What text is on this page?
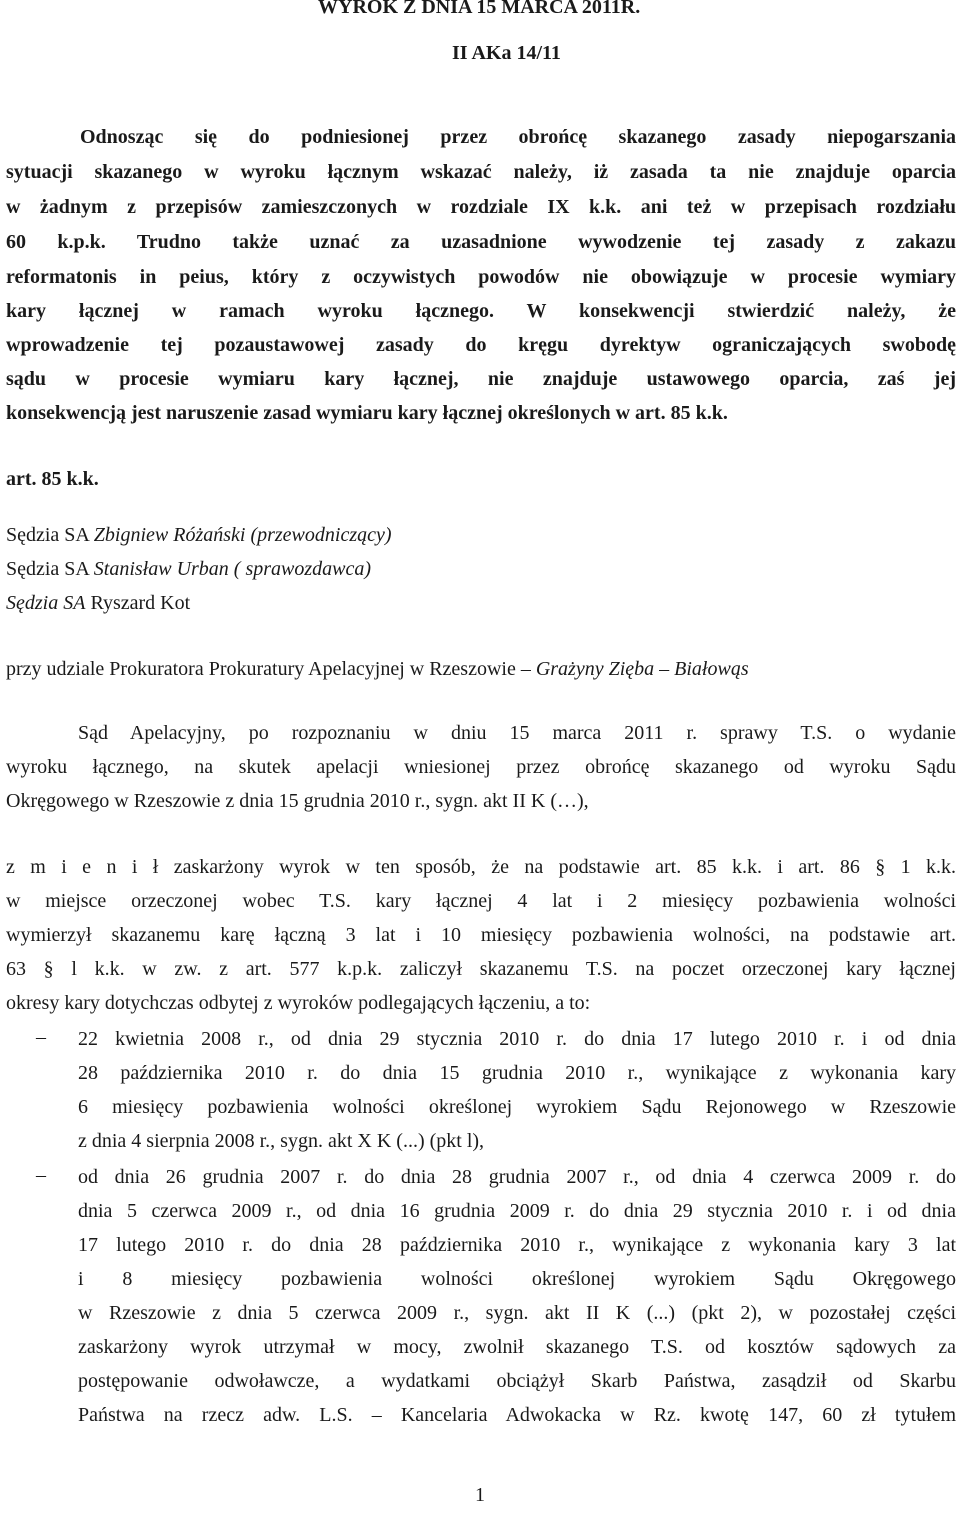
WYROK Z DNIA 15 MARCA 2011R.
II AKa 14/11
Odnosząc się do podniesionej przez obrońcę skazanego zasady niepogarszania
sytuacji skazanego w wyroku łącznym wskazać należy, iż zasada ta nie znajduje oparcia
w żadnym z przepisów zamieszczonych w rozdziale IX k.k. ani też w przepisach rozdziału
60 k.p.k. Trudno także uznać za uzasadnione wywodzenie tej zasady z zakazu
reformatonis in peius, który z oczywistych powodów nie obowiązuje w procesie wymiary
kary łącznej w ramach wyroku łącznego. W konsekwencji stwierdzić należy, że
wprowadzenie tej pozaustawowej zasady do kręgu dyrektyw ograniczających swobodę
sądu w procesie wymiaru kary łącznej, nie znajduje ustawowego oparcia, zaś jej
konsekwencją jest naruszenie zasad wymiaru kary łącznej określonych w art. 85 k.k.
art. 85 k.k.
Sędzia SA Zbigniew Różański (przewodniczący)
Sędzia SA Stanisław Urban ( sprawozdawca)
Sędzia SA Ryszard Kot
przy udziale Prokuratora Prokuratury Apelacyjnej w Rzeszowie – Grażyny Zięba – Białowąs
Sąd Apelacyjny, po rozpoznaniu w dniu 15 marca 2011 r. sprawy T.S. o wydanie
wyroku łącznego, na skutek apelacji wniesionej przez obrońcę skazanego od wyroku Sądu
Okręgowego w Rzeszowie z dnia 15 grudnia 2010 r., sygn. akt II K (…),
z m i e n i ł zaskarżony wyrok w ten sposób, że na podstawie art. 85 k.k. i art. 86 § 1 k.k.
w miejsce orzeczonej wobec T.S. kary łącznej 4 lat i 2 miesięcy pozbawienia wolności
wymierzył skazanemu karę łączną 3 lat i 10 miesięcy pozbawienia wolności, na podstawie art.
63 § l k.k. w zw. z art. 577 k.p.k. zaliczył skazanemu T.S. na poczet orzeczonej kary łącznej
okresy kary dotychczas odbytej z wyroków podlegających łączeniu, a to:
– 22 kwietnia 2008 r., od dnia 29 stycznia 2010 r. do dnia 17 lutego 2010 r. i od dnia
28 października 2010 r. do dnia 15 grudnia 2010 r., wynikające z wykonania kary
6 miesięcy pozbawienia wolności określonej wyrokiem Sądu Rejonowego w Rzeszowie
z dnia 4 sierpnia 2008 r., sygn. akt X K (...) (pkt l),
– od dnia 26 grudnia 2007 r. do dnia 28 grudnia 2007 r., od dnia 4 czerwca 2009 r. do
dnia 5 czerwca 2009 r., od dnia 16 grudnia 2009 r. do dnia 29 stycznia 2010 r. i od dnia
17 lutego 2010 r. do dnia 28 października 2010 r., wynikające z wykonania kary 3 lat
i 8 miesięcy pozbawienia wolności określonej wyrokiem Sądu Okręgowego
w Rzeszowie z dnia 5 czerwca 2009 r., sygn. akt II K (...) (pkt 2), w pozostałej części
zaskarżony wyrok utrzymał w mocy, zwolnił skazanego T.S. od kosztów sądowych za
postępowanie odwoławcze, a wydatkami obciążył Skarb Państwa, zasądził od Skarbu
Państwa na rzecz adw. L.S. – Kancelaria Adwokacka w Rz. kwotę 147, 60 zł tytułem
1
